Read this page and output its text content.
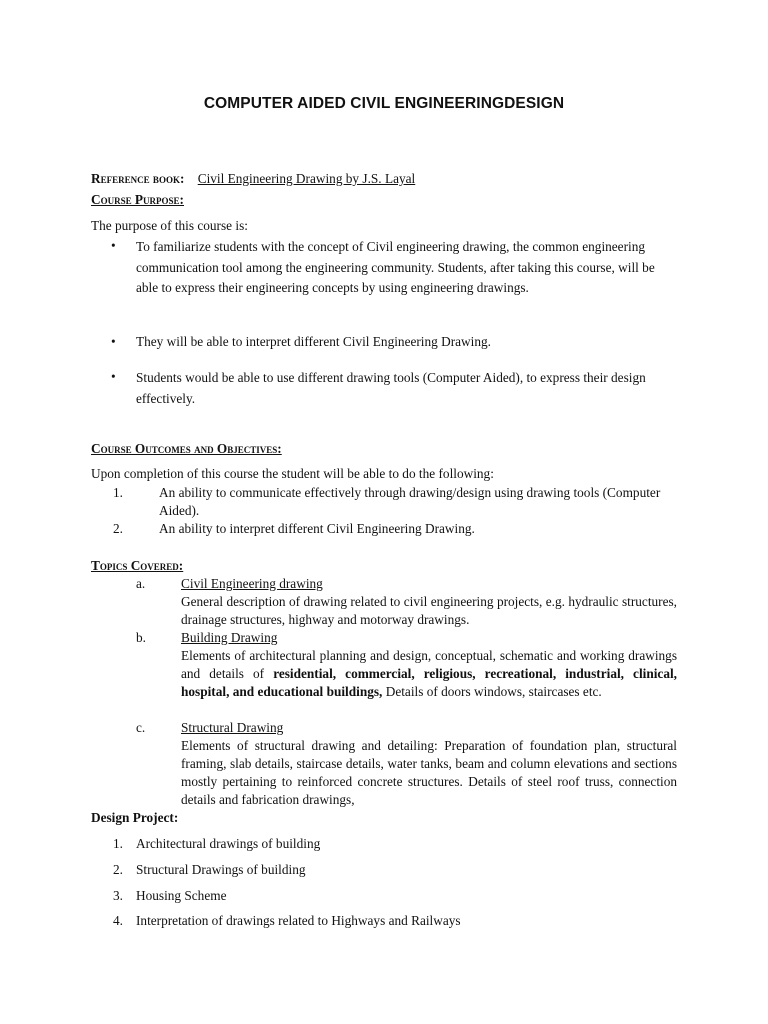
COMPUTER AIDED CIVIL ENGINEERINGDESIGN
Reference book: Civil Engineering Drawing by J.S. Layal
Course Purpose:
The purpose of this course is:
• To familiarize students with the concept of Civil engineering drawing, the common engineering communication tool among the engineering community. Students, after taking this course, will be able to express their engineering concepts by using engineering drawings.
• They will be able to interpret different Civil Engineering Drawing.
• Students would be able to use different drawing tools (Computer Aided), to express their design effectively.
Course Outcomes and Objectives:
Upon completion of this course the student will be able to do the following:
1.	An ability to communicate effectively through drawing/design using drawing tools (Computer Aided).
2.	An ability to interpret different Civil Engineering Drawing.
Topics Covered:
a.	Civil Engineering drawing
General description of drawing related to civil engineering projects, e.g. hydraulic structures, drainage structures, highway and motorway drawings.
b.	Building Drawing
Elements of architectural planning and design, conceptual, schematic and working drawings and details of residential, commercial, religious, recreational, industrial, clinical, hospital, and educational buildings, Details of doors windows, staircases etc.
c.	Structural Drawing
Elements of structural drawing and detailing: Preparation of foundation plan, structural framing, slab details, staircase details, water tanks, beam and column elevations and sections mostly pertaining to reinforced concrete structures. Details of steel roof truss, connection details and fabrication drawings,
Design Project:
1. Architectural drawings of building
2. Structural Drawings of building
3. Housing Scheme
4. Interpretation of drawings related to Highways and Railways
